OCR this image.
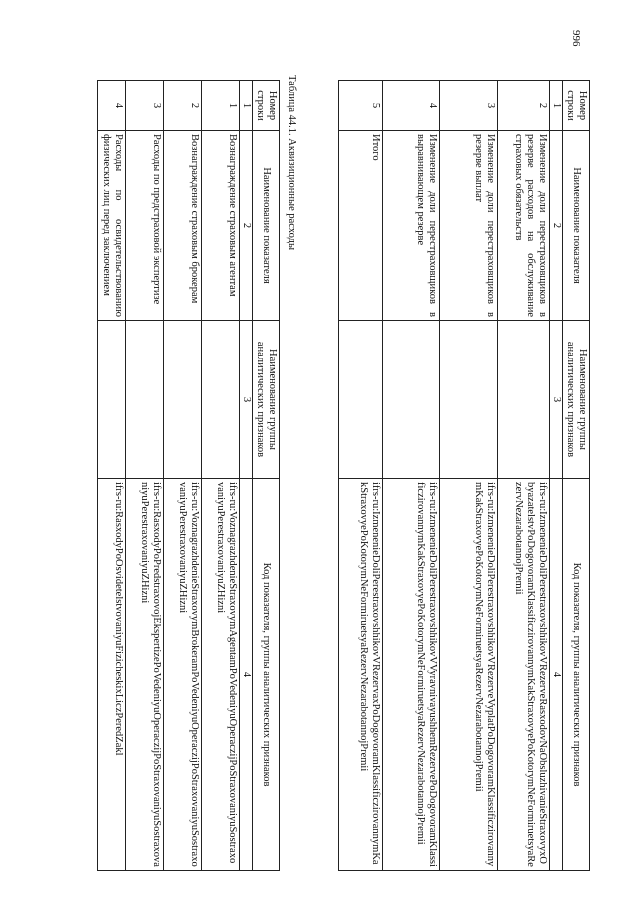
Номер строки	Наименование показателя	Наименование группы аналитических признаков	Код показателя, группы аналитических признаков
1	2	3	4
2	Изменение доли перестраховщиков в резерве расходов на обслуживание страховых обязательств		ifrs-ru:IzmenenieDoliPerestraxovshhikovVRezerveRasxodovNaObsluzhivanieStraxovyxObyazatelstvPoDogovoramKlassificzirovannymKakStraxovyePoKotorymNeFormiruetsyaRezervNezarabotannojPremii
3	Изменение доли перестраховщиков в резерве выплат		ifrs-ru:IzmenenieDoliPerestraxovshhikovVRezerveVyplatPoDogovoramKlassificzirovannymKakStraxovyePoKotorymNeFormiruetsyaRezervNezarabotannojPremii
4	Изменение доли перестраховщиков в выравнивающем резерве		ifrs-ru:IzmenenieDoliPerestraxovshhikovVVyravnivayushhemRezervePoDogovoramKlassificzirovannymKakStraxovyePoKotorymNeFormiruetsyaRezervNezarabotannojPremii
5	Итого		ifrs-ru:IzmenenieDoliPerestraxovshhikovVRezervaxPoDogovoramKlassificzirovannymKakStraxovyePoKotorymNeFormiruetsyaRezervNezarabotannojPremii
Таблица 44.1. Аквизиционные расходы
Номер строки	Наименование показателя	Наименование группы аналитических признаков	Код показателя, группы аналитических признаков
1	2	3	4
1	Вознаграждение страховым агентам		ifrs-ru:VoznagrazhdenieStraxovymAgentamPoVedeniyuOperaczijPoStraxovaniyuSostraxovaniyuPerestraxovaniyuZHizni
2	Вознаграждение страховым брокерам		ifrs-ru:VoznagrazhdenieStraxovymBrokeramPoVedeniyuOperaczijPoStraxovaniyuSostraxovaniyuPerestraxovaniyuZHizni
3	Расходы по предстраховой экспертизе		ifrs-ru:RasxodyPoPredstraxovojEkspertizePoVedeniyuOperaczijPoStraxovaniyuSostraxovaniyuPerestraxovaniyuZHizni
4	Расходы по освидетельствованию физических лиц перед заключением		ifrs-ru:RasxodyPoOsvidetelstvovaniyuFizicheskixLiczPeredZakl
996
